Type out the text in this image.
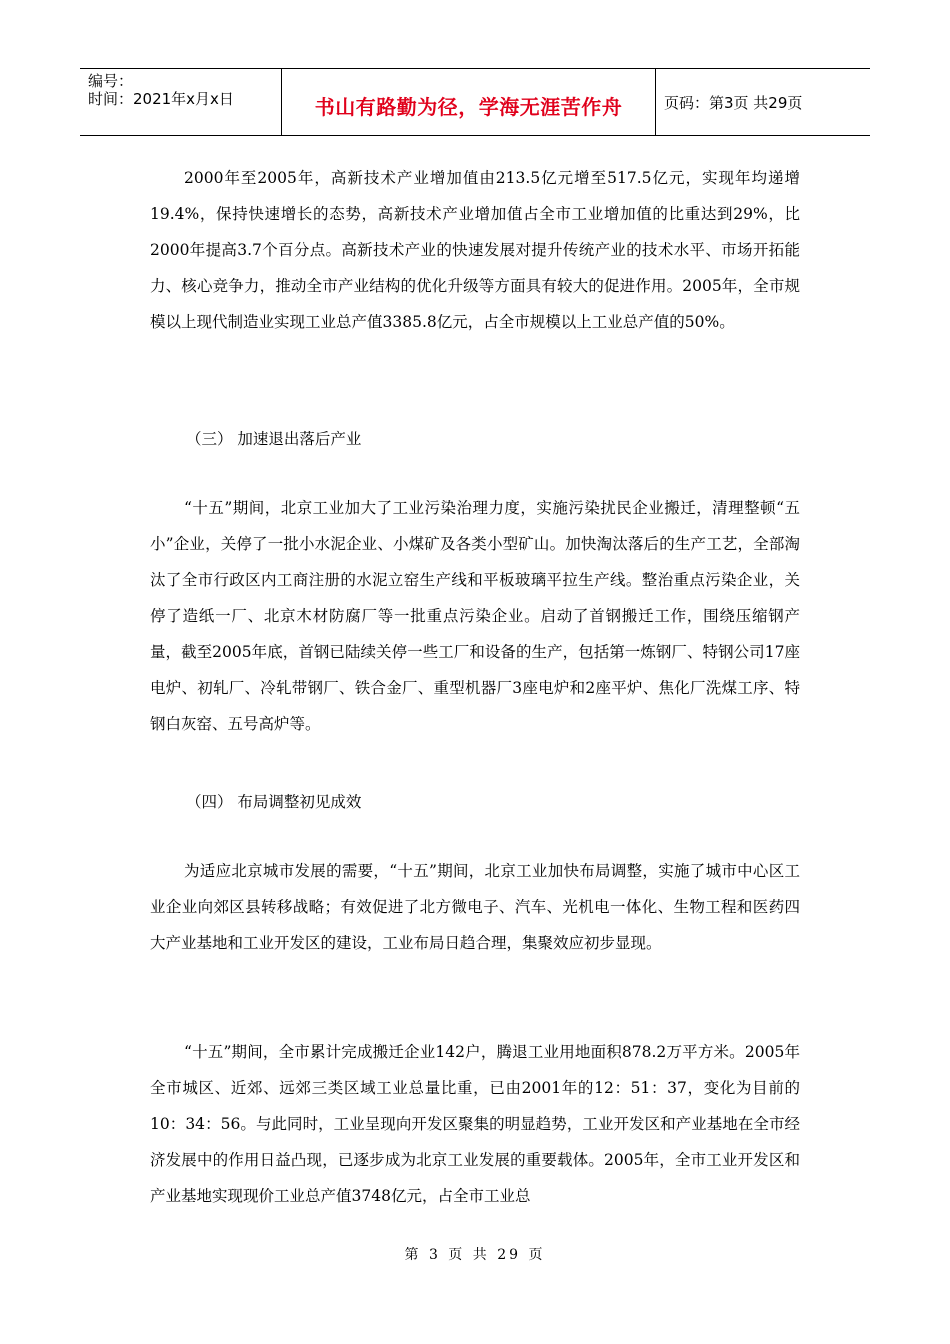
编号：
时间：2021年x月x日	书山有路勤为径，学海无涯苦作舟	页码：第3页 共29页

2000年至2005年，高新技术产业增加值由213.5亿元增至517.5亿元，实现年均递增19.4%，保持快速增长的态势，高新技术产业增加值占全市工业增加值的比重达到29%，比2000年提高3.7个百分点。高新技术产业的快速发展对提升传统产业的技术水平、市场开拓能力、核心竞争力，推动全市产业结构的优化升级等方面具有较大的促进作用。2005年，全市规模以上现代制造业实现工业总产值3385.8亿元，占全市规模以上工业总产值的50%。

（三） 加速退出落后产业

“十五”期间，北京工业加大了工业污染治理力度，实施污染扰民企业搬迁，清理整顿“五小”企业，关停了一批小水泥企业、小煤矿及各类小型矿山。加快淘汰落后的生产工艺，全部淘汰了全市行政区内工商注册的水泥立窑生产线和平板玻璃平拉生产线。整治重点污染企业，关停了造纸一厂、北京木材防腐厂等一批重点污染企业。启动了首钢搬迁工作，围绕压缩钢产量，截至2005年底，首钢已陆续关停一些工厂和设备的生产，包括第一炼钢厂、特钢公司17座电炉、初轧厂、冷轧带钢厂、铁合金厂、重型机器厂3座电炉和2座平炉、焦化厂洗煤工序、特钢白灰窑、五号高炉等。

（四） 布局调整初见成效

为适应北京城市发展的需要，“十五”期间，北京工业加快布局调整，实施了城市中心区工业企业向郊区县转移战略；有效促进了北方微电子、汽车、光机电一体化、生物工程和医药四大产业基地和工业开发区的建设，工业布局日趋合理，集聚效应初步显现。

“十五”期间，全市累计完成搬迁企业142户，腾退工业用地面积878.2万平方米。2005年全市城区、近郊、远郊三类区域工业总量比重，已由2001年的12：51：37，变化为目前的10：34：56。与此同时，工业呈现向开发区聚集的明显趋势，工业开发区和产业基地在全市经济发展中的作用日益凸现，已逐步成为北京工业发展的重要载体。2005年，全市工业开发区和产业基地实现现价工业总产值3748亿元，占全市工业总

第 3 页 共 29 页
